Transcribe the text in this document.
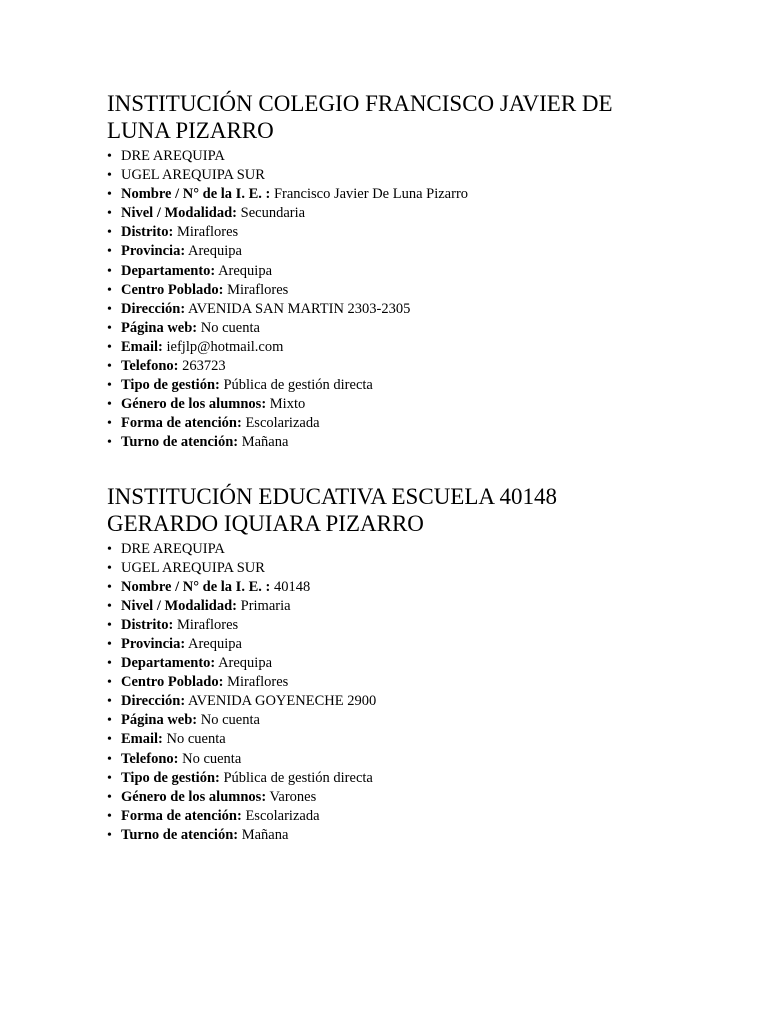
INSTITUCIÓN COLEGIO FRANCISCO JAVIER DE
LUNA PIZARRO
• DRE AREQUIPA
• UGEL AREQUIPA SUR
• Nombre / N° de la I. E. : Francisco Javier De Luna Pizarro
• Nivel / Modalidad: Secundaria
• Distrito: Miraflores
• Provincia: Arequipa
• Departamento: Arequipa
• Centro Poblado: Miraflores
• Dirección: AVENIDA SAN MARTIN 2303-2305
• Página web: No cuenta
• Email: iefjlp@hotmail.com
• Telefono: 263723
• Tipo de gestión: Pública de gestión directa
• Género de los alumnos: Mixto
• Forma de atención: Escolarizada
• Turno de atención: Mañana
INSTITUCIÓN EDUCATIVA ESCUELA 40148
GERARDO IQUIARA PIZARRO
• DRE AREQUIPA
• UGEL AREQUIPA SUR
• Nombre / N° de la I. E. : 40148
• Nivel / Modalidad: Primaria
• Distrito: Miraflores
• Provincia: Arequipa
• Departamento: Arequipa
• Centro Poblado: Miraflores
• Dirección: AVENIDA GOYENECHE 2900
• Página web: No cuenta
• Email: No cuenta
• Telefono: No cuenta
• Tipo de gestión: Pública de gestión directa
• Género de los alumnos: Varones
• Forma de atención: Escolarizada
• Turno de atención: Mañana
